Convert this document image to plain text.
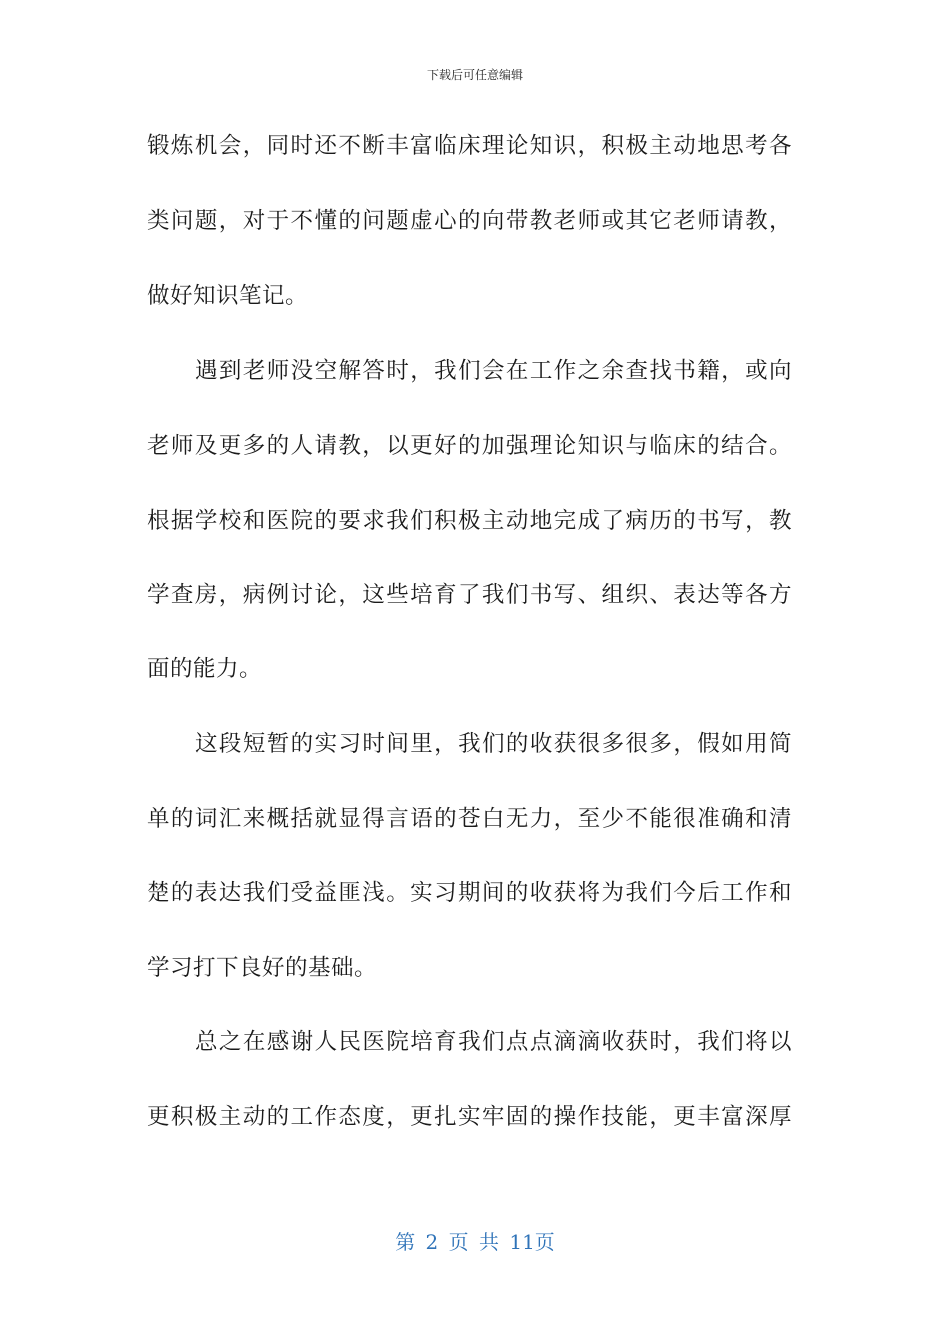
下载后可任意编辑
锻炼机会，同时还不断丰富临床理论知识，积极主动地思考各
类问题，对于不懂的问题虚心的向带教老师或其它老师请教，
做好知识笔记。
遇到老师没空解答时，我们会在工作之余查找书籍，或向
老师及更多的人请教，以更好的加强理论知识与临床的结合。
根据学校和医院的要求我们积极主动地完成了病历的书写，教
学查房，病例讨论，这些培育了我们书写、组织、表达等各方
面的能力。
这段短暂的实习时间里，我们的收获很多很多，假如用简
单的词汇来概括就显得言语的苍白无力，至少不能很准确和清
楚的表达我们受益匪浅。实习期间的收获将为我们今后工作和
学习打下良好的基础。
总之在感谢人民医院培育我们点点滴滴收获时，我们将以
更积极主动的工作态度，更扎实牢固的操作技能，更丰富深厚
第 2 页 共 11页
